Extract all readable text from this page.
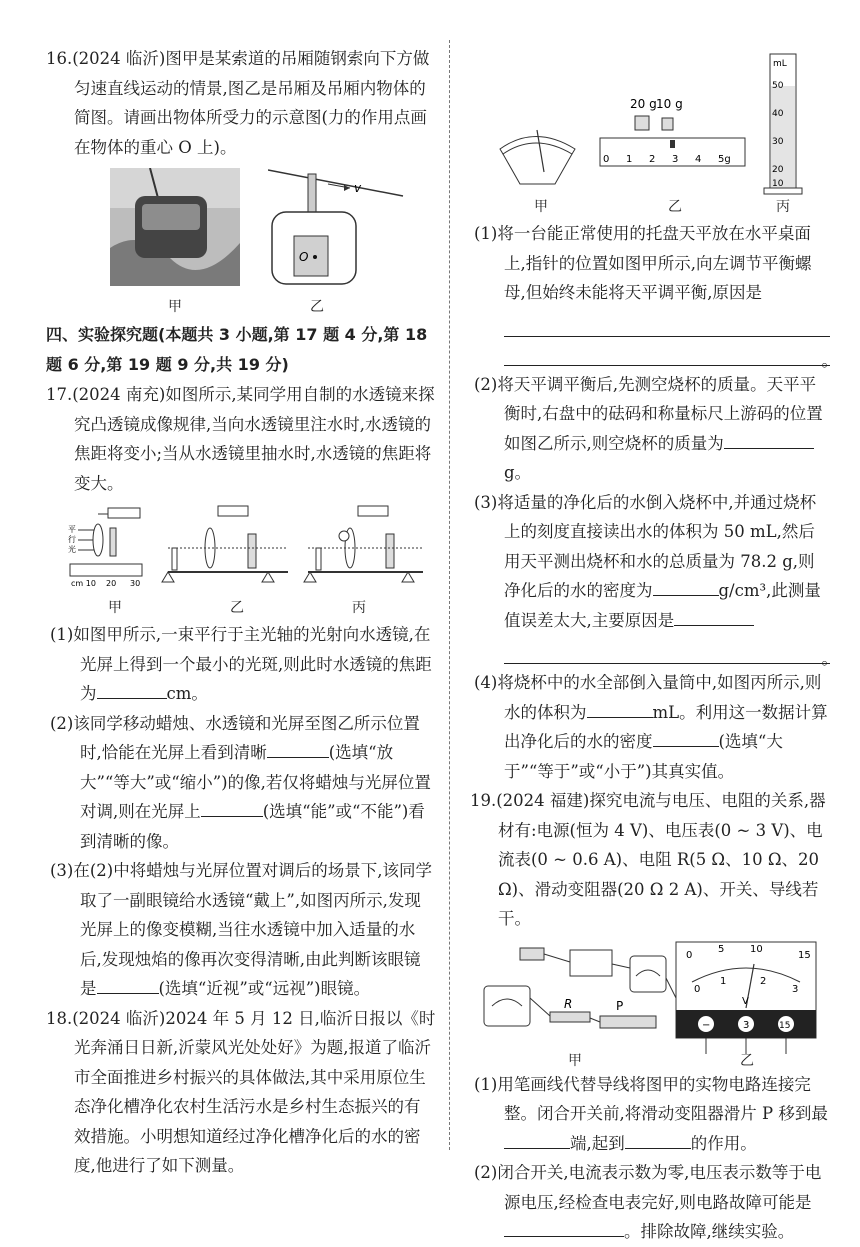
16.(2024 临沂)图甲是某索道的吊厢随钢索向下方做匀速直线运动的情景,图乙是吊厢及吊厢内物体的简图。请画出物体所受力的示意图(力的作用点画在物体的重心 O 上)。

v
O
甲	乙

四、实验探究题(本题共 3 小题,第 17 题 4 分,第 18 题 6 分,第 19 题 9 分,共 19 分)

17.(2024 南充)如图所示,某同学用自制的水透镜来探究凸透镜成像规律,当向水透镜里注水时,水透镜的焦距将变小;当从水透镜里抽水时,水透镜的焦距将变大。

平
行
光
cm 10 20 30
甲	乙	丙

(1)如图甲所示,一束平行于主光轴的光射向水透镜,在光屏上得到一个最小的光斑,则此时水透镜的焦距为	cm。

(2)该同学移动蜡烛、水透镜和光屏至图乙所示位置时,恰能在光屏上看到清晰	(选填“放大”“等大”或“缩小”)的像,若仅将蜡烛与光屏位置对调,则在光屏上	(选填“能”或“不能”)看到清晰的像。

(3)在(2)中将蜡烛与光屏位置对调后的场景下,该同学取了一副眼镜给水透镜“戴上”,如图丙所示,发现光屏上的像变模糊,当往水透镜中加入适量的水后,发现烛焰的像再次变得清晰,由此判断该眼镜是	(选填“近视”或“远视”)眼镜。

18.(2024 临沂)2024 年 5 月 12 日,临沂日报以《时光奔涌日日新,沂蒙风光处处好》为题,报道了临沂市全面推进乡村振兴的具体做法,其中采用原位生态净化槽净化农村生活污水是乡村生态振兴的有效措施。小明想知道经过净化槽净化后的水的密度,他进行了如下测量。

20 g 10 g
0 1 2 3 4 5g
mL
50
40
30
20
10
甲	乙	丙

(1)将一台能正常使用的托盘天平放在水平桌面上,指针的位置如图甲所示,向左调节平衡螺母,但始终未能将天平调平衡,原因是

。

(2)将天平调平衡后,先测空烧杯的质量。天平平衡时,右盘中的砝码和称量标尺上游码的位置如图乙所示,则空烧杯的质量为g。

(3)将适量的净化后的水倒入烧杯中,并通过烧杯上的刻度直接读出水的体积为 50 mL,然后用天平测出烧杯和水的总质量为 78.2 g,则净化后的水的密度为	g/cm³,此测量值误差太大,主要原因是

。

(4)将烧杯中的水全部倒入量筒中,如图丙所示,则水的体积为	mL。利用这一数据计算出净化后的水的密度	(选填“大于”“等于”或“小于”)其真实值。

19.(2024 福建)探究电流与电压、电阻的关系,器材有:电源(恒为 4 V)、电压表(0 ~ 3 V)、电流表(0 ~ 0.6 A)、电阻 R(5 Ω、10 Ω、20 Ω)、滑动变阻器(20 Ω 2 A)、开关、导线若干。

R	P
0
5	10
15
0
1	2
3
V
−	3	15
甲	乙

(1)用笔画线代替导线将图甲的实物电路连接完整。闭合开关前,将滑动变阻器滑片 P 移到最端,起到	的作用。

(2)闭合开关,电流表示数为零,电压表示数等于电源电压,经检查电表完好,则电路故障可能是。排除故障,继续实验。
